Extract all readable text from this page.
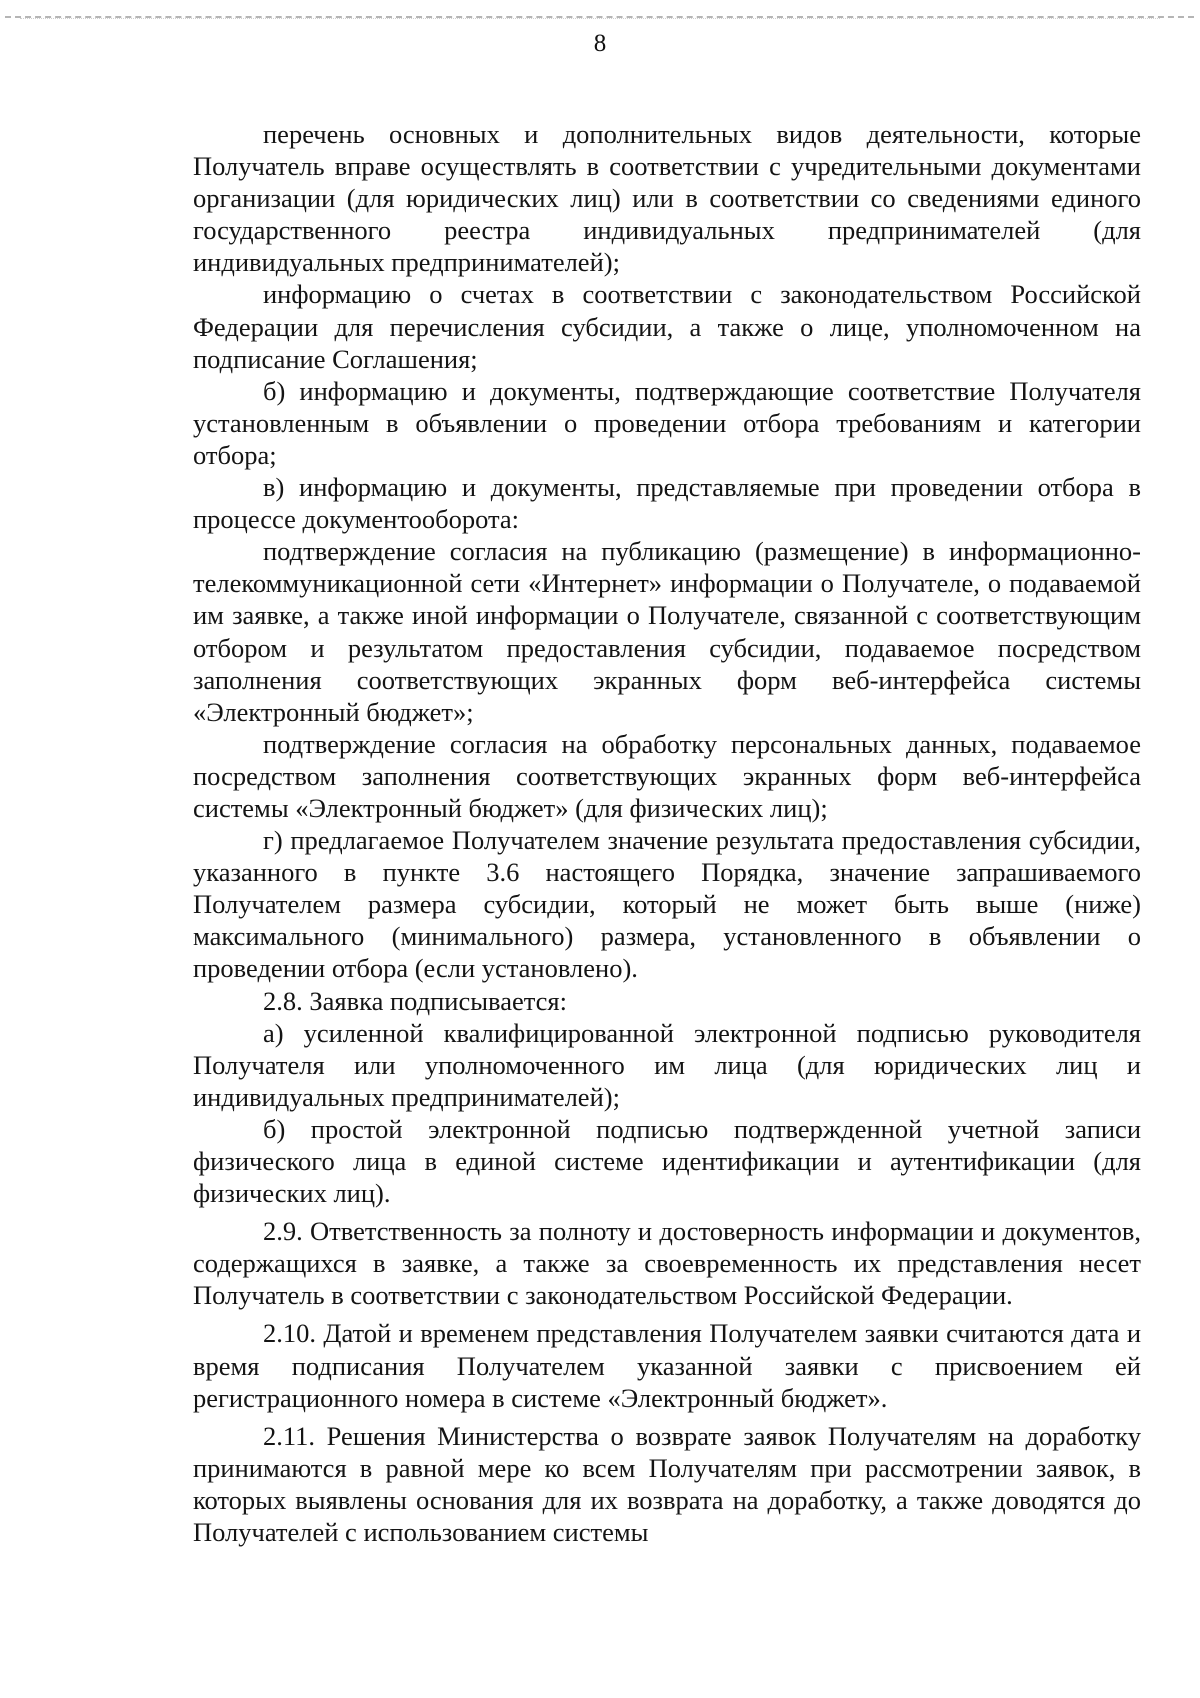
8

перечень основных и дополнительных видов деятельности, которые Получатель вправе осуществлять в соответствии с учредительными документами организации (для юридических лиц) или в соответствии со сведениями единого государственного реестра индивидуальных предпринимателей (для индивидуальных предпринимателей);

информацию о счетах в соответствии с законодательством Российской Федерации для перечисления субсидии, а также о лице, уполномоченном на подписание Соглашения;

б) информацию и документы, подтверждающие соответствие Получателя установленным в объявлении о проведении отбора требованиям и категории отбора;

в) информацию и документы, представляемые при проведении отбора в процессе документооборота:

подтверждение согласия на публикацию (размещение) в информационно-телекоммуникационной сети «Интернет» информации о Получателе, о подаваемой им заявке, а также иной информации о Получателе, связанной с соответствующим отбором и результатом предоставления субсидии, подаваемое посредством заполнения соответствующих экранных форм веб-интерфейса системы «Электронный бюджет»;

подтверждение согласия на обработку персональных данных, подаваемое посредством заполнения соответствующих экранных форм веб-интерфейса системы «Электронный бюджет» (для физических лиц);

г) предлагаемое Получателем значение результата предоставления субсидии, указанного в пункте 3.6 настоящего Порядка, значение запрашиваемого Получателем размера субсидии, который не может быть выше (ниже) максимального (минимального) размера, установленного в объявлении о проведении отбора (если установлено).

2.8. Заявка подписывается:

а) усиленной квалифицированной электронной подписью руководителя Получателя или уполномоченного им лица (для юридических лиц и индивидуальных предпринимателей);

б) простой электронной подписью подтвержденной учетной записи физического лица в единой системе идентификации и аутентификации (для физических лиц).

2.9. Ответственность за полноту и достоверность информации и документов, содержащихся в заявке, а также за своевременность их представления несет Получатель в соответствии с законодательством Российской Федерации.

2.10. Датой и временем представления Получателем заявки считаются дата и время подписания Получателем указанной заявки с присвоением ей регистрационного номера в системе «Электронный бюджет».

2.11. Решения Министерства о возврате заявок Получателям на доработку принимаются в равной мере ко всем Получателям при рассмотрении заявок, в которых выявлены основания для их возврата на доработку, а также доводятся до Получателей с использованием системы
